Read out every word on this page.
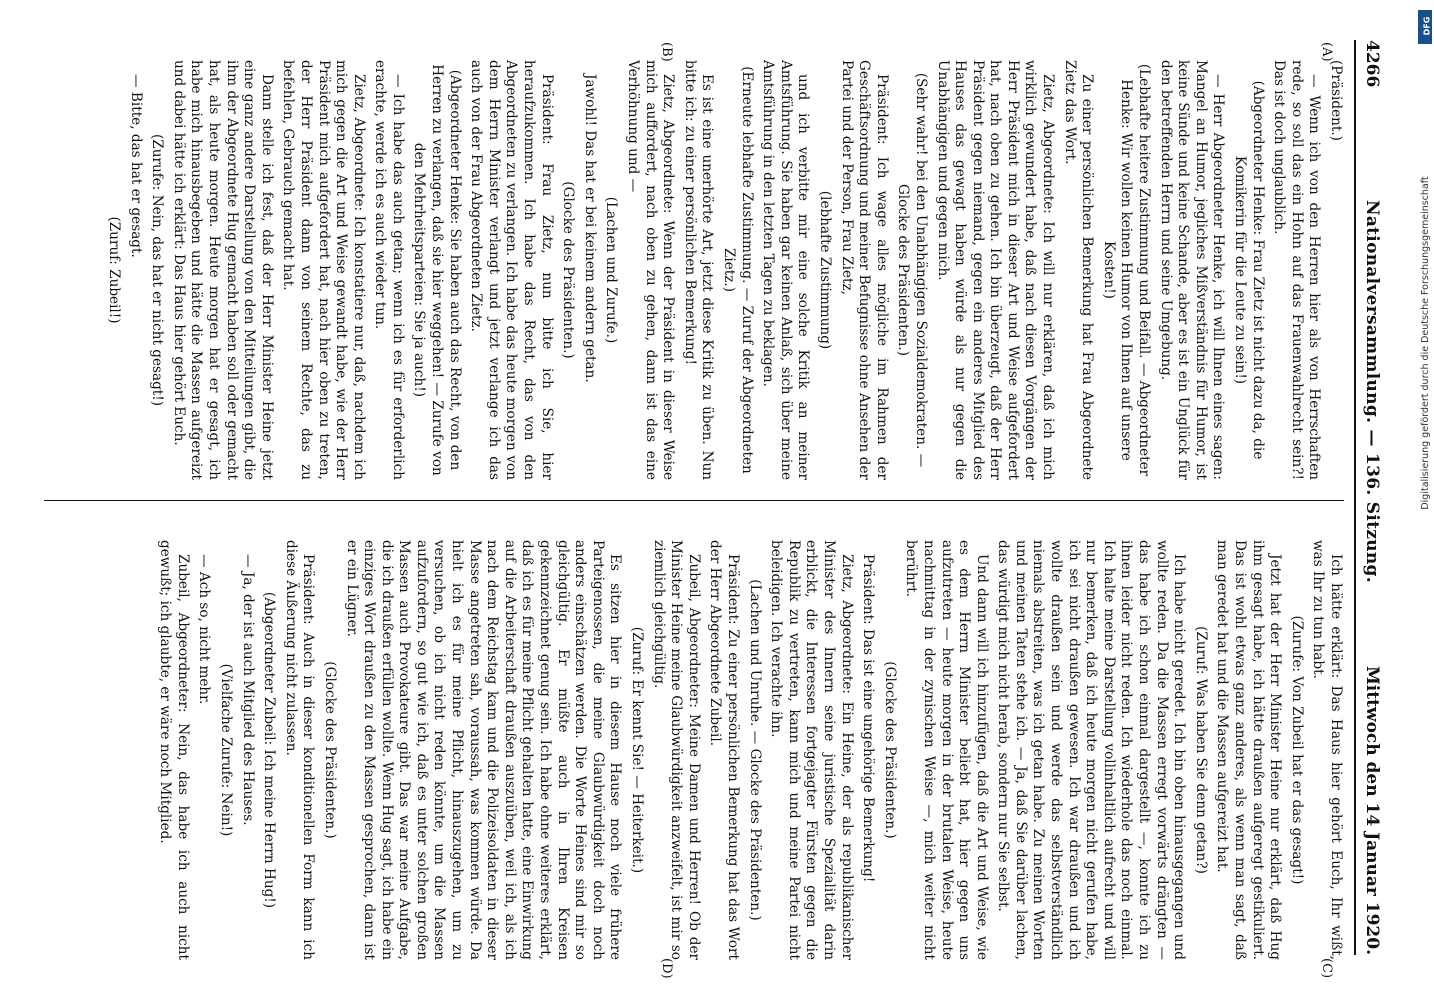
4266
Nationalversammlung. — 136. Sitzung.
Mittwoch den 14 Januar 1920.
(A)
(B)
(C)
(D)

(Präsident.)

— Wenn ich von den Herren hier als von Herrschaften rede, so soll das ein Hohn auf das Frauenwahlrecht sein?! Das ist doch unglaublich.

(Abgeordneter Henke: Frau Zietz ist nicht dazu da, die Komikerin für die Leute zu sein!)

— Herr Abgeordneter Henke, ich will Ihnen eines sagen: Mangel an Humor, jegliches Mißverständnis für Humor, ist keine Sünde und keine Schande, aber es ist ein Unglück für den betreffenden Herrn und seine Umgebung.

(Lebhafte heitere Zustimmung und Beifall. — Abgeordneter Henke: Wir wollen keinen Humor von Ihnen auf unsere Kosten!)

Zu einer persönlichen Bemerkung hat Frau Abgeordnete Zietz das Wort.

Zietz, Abgeordnete: Ich will nur erklären, daß ich mich wirklich gewundert habe, daß nach diesen Vorgängen der Herr Präsident mich in dieser Art und Weise aufgefordert hat, nach oben zu gehen. Ich bin überzeugt, daß der Herr Präsident gegen niemand, gegen ein anderes Mitglied des Hauses das gewagt haben würde als nur gegen die Unabhängigen und gegen mich.

(Sehr wahr! bei den Unabhängigen Sozialdemokraten. — Glocke des Präsidenten.)

Präsident: Ich wage alles mögliche im Rahmen der Geschäftsordnung und meiner Befugnisse ohne Ansehen der Partei und der Person, Frau Zietz,

(lebhafte Zustimmung)

und ich verbitte mir eine solche Kritik an meiner Amtsführung. Sie haben gar keinen Anlaß, sich über meine Amtsführung in den letzten Tagen zu beklagen.

(Erneute lebhafte Zustimmung. — Zuruf der Abgeordneten Zietz.)

Es ist eine unerhörte Art, jetzt diese Kritik zu üben. Nun bitte ich: zu einer persönlichen Bemerkung!

Zietz, Abgeordnete: Wenn der Präsident in dieser Weise mich auffordert, nach oben zu gehen, dann ist das eine Verhöhnung und —

(Lachen und Zurufe.)

Jawohl! Das hat er bei keinem andern getan.

(Glocke des Präsidenten.)

Präsident: Frau Zietz, nun bitte ich Sie, hier heraufzukommen. Ich habe das Recht, das von den Abgeordneten zu verlangen. Ich habe das heute morgen von dem Herrn Minister verlangt und jetzt verlange ich das auch von der Frau Abgeordneten Zietz.

(Abgeordneter Henke: Sie haben auch das Recht, von den Herren zu verlangen, daß sie hier weggehen! — Zurufe von den Mehrheitsparteien: Sie ja auch!)

— Ich habe das auch getan; wenn ich es für erforderlich erachte, werde ich es auch wieder tun.

Zietz, Abgeordnete: Ich konstatiere nur, daß, nachdem ich mich gegen die Art und Weise gewandt habe, wie der Herr Präsident mich aufgefordert hat, nach hier oben zu treten, der Herr Präsident dann von seinem Rechte, das zu befehlen, Gebrauch gemacht hat.

Dann stelle ich fest, daß der Herr Minister Heine jetzt eine ganz andere Darstellung von den Mitteilungen gibt, die ihm der Abgeordnete Hug gemacht haben soll oder gemacht hat, als heute morgen. Heute morgen hat er gesagt, ich habe mich hinausbegeben und hätte die Massen aufgereizt und dabei hätte ich erklärt: Das Haus hier gehört Euch.

(Zurufe: Nein, das hat er nicht gesagt!)

— Bitte, das hat er gesagt.

(Zuruf: Zubeil!)

Ich hätte erklärt: Das Haus hier gehört Euch, Ihr wißt, was Ihr zu tun habt.

(Zurufe: Von Zubeil hat er das gesagt!)

Jetzt hat der Herr Minister Heine nur erklärt, daß Hug ihm gesagt habe, ich hätte draußen aufgeregt gestikuliert. Das ist wohl etwas ganz anderes, als wenn man sagt, daß man geredet hat und die Massen aufgereizt hat.

(Zuruf: Was haben Sie denn getan?)

Ich habe nicht geredet. Ich bin oben hinausgegangen und wollte reden. Da die Massen erregt vorwärts drängten — das habe ich schon einmal dargestellt —, konnte ich zu ihnen leider nicht reden. Ich wiederhole das noch einmal. Ich halte meine Darstellung vollinhaltlich aufrecht und will nur bemerken, daß ich heute morgen nicht gerufen habe, ich sei nicht draußen gewesen. Ich war draußen und ich wollte draußen sein und werde das selbstverständlich niemals abstreiten, was ich getan habe. Zu meinen Worten und meinen Taten stehe ich. — Ja, daß Sie darüber lachen, das würdigt mich nicht herab, sondern nur Sie selbst.

Und dann will ich hinzufügen, daß die Art und Weise, wie es dem Herrn Minister beliebt hat, hier gegen uns aufzutreten — heute morgen in der brutalen Weise, heute nachmittag in der zynischen Weise —, mich weiter nicht berührt.

(Glocke des Präsidenten.)

Präsident: Das ist eine ungehörige Bemerkung!

Zietz, Abgeordnete: Ein Heine, der als republikanischer Minister des Innern seine juristische Spezialität darin erblickt, die Interessen fortgejagter Fürsten gegen die Republik zu vertreten, kann mich und meine Partei nicht beleidigen. Ich verachte ihn.

(Lachen und Unruhe. — Glocke des Präsidenten.)

Präsident: Zu einer persönlichen Bemerkung hat das Wort der Herr Abgeordnete Zubeil.

Zubeil, Abgeordneter: Meine Damen und Herren! Ob der Minister Heine meine Glaubwürdigkeit anzweifelt, ist mir so ziemlich gleichgültig.

(Zuruf: Er kennt Sie! — Heiterkeit.)

Es sitzen hier in diesem Hause noch viele frühere Parteigenossen, die meine Glaubwürdigkeit doch noch anders einschätzen werden. Die Worte Heines sind mir so gleichgültig. Er müßte auch in Ihren Kreisen gekennzeichnet genug sein. Ich habe ohne weiteres erklärt, daß ich es für meine Pflicht gehalten hatte, eine Einwirkung auf die Arbeiterschaft draußen auszuüben, weil ich, als ich nach dem Reichstag kam und die Polizeisoldaten in dieser Masse angetreten sah, voraussah, was kommen würde. Da hielt ich es für meine Pflicht, hinauszugehen, um zu versuchen, ob ich nicht reden könnte, um die Massen aufzufordern, so gut wie ich, daß es unter solchen großen Massen auch Provokateure gibt. Das war meine Aufgabe, die ich draußen erfüllen wollte. Wenn Hug sagt, ich habe ein einziges Wort draußen zu den Massen gesprochen, dann ist er ein Lügner.

(Glocke des Präsidenten.)

Präsident: Auch in dieser konditionellen Form kann ich diese Äußerung nicht zulassen.

(Abgeordneter Zubeil: Ich meine Herrn Hug!)

— Ja, der ist auch Mitglied des Hauses.

(Vielfache Zurufe: Nein!)

— Ach so, nicht mehr.

Zubeil, Abgeordneter: Nein, das habe ich auch nicht gewußt; ich glaubte, er wäre noch Mitglied.

DFG
Digitalisierung gefördert durch die Deutsche Forschungsgemeinschaft
